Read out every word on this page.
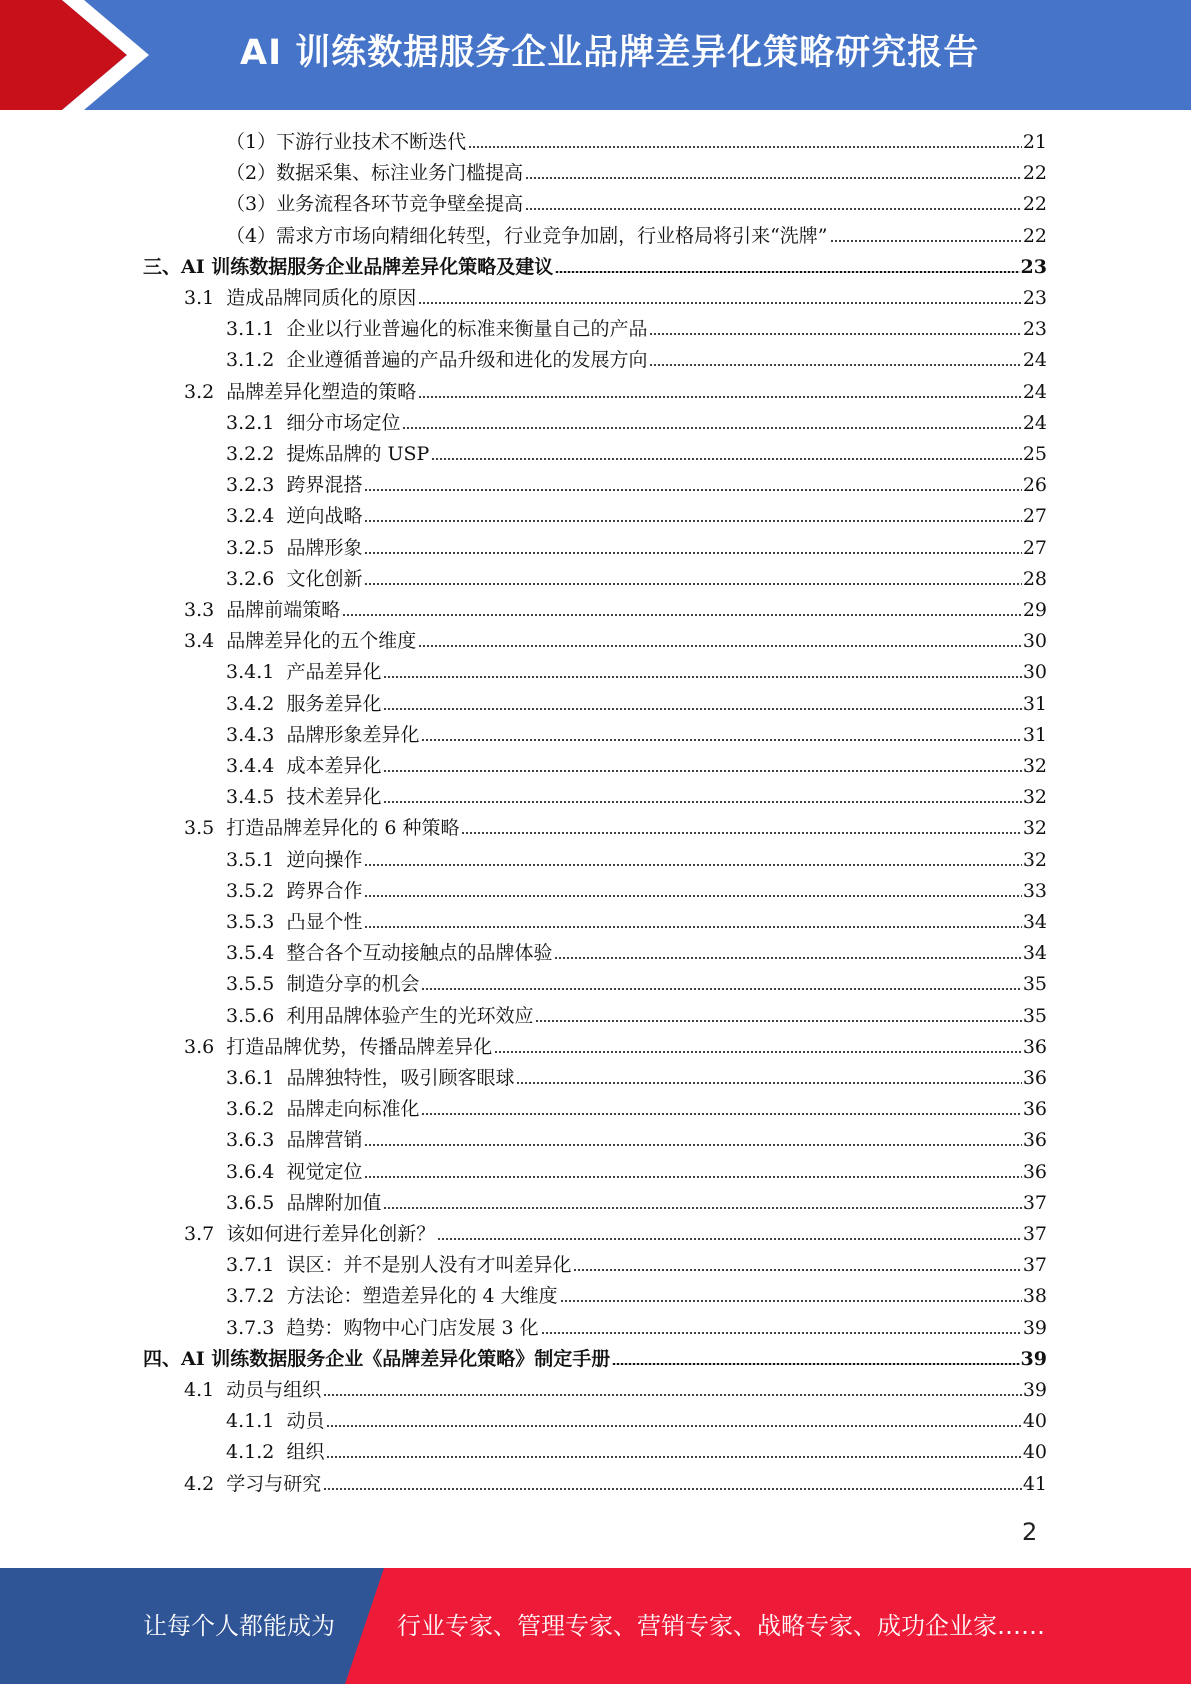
AI 训练数据服务企业品牌差异化策略研究报告
（1） 下游行业技术不断迭代	21
（2） 数据采集、标注业务门槛提高	22
（3） 业务流程各环节竞争壁垒提高	22
（4） 需求方市场向精细化转型，行业竞争加剧，行业格局将引来“洗牌”	22
三、 AI 训练数据服务企业品牌差异化策略及建议	23
3.1 造成品牌同质化的原因	23
3.1.1 企业以行业普遍化的标准来衡量自己的产品	23
3.1.2 企业遵循普遍的产品升级和进化的发展方向	24
3.2 品牌差异化塑造的策略	24
3.2.1 细分市场定位	24
3.2.2 提炼品牌的 USP	25
3.2.3 跨界混搭	26
3.2.4 逆向战略	27
3.2.5 品牌形象	27
3.2.6 文化创新	28
3.3 品牌前端策略	29
3.4 品牌差异化的五个维度	30
3.4.1 产品差异化	30
3.4.2 服务差异化	31
3.4.3 品牌形象差异化	31
3.4.4 成本差异化	32
3.4.5 技术差异化	32
3.5 打造品牌差异化的 6 种策略	32
3.5.1 逆向操作	32
3.5.2 跨界合作	33
3.5.3 凸显个性	34
3.5.4 整合各个互动接触点的品牌体验	34
3.5.5 制造分享的机会	35
3.5.6 利用品牌体验产生的光环效应	35
3.6 打造品牌优势，传播品牌差异化	36
3.6.1 品牌独特性，吸引顾客眼球	36
3.6.2 品牌走向标准化	36
3.6.3 品牌营销	36
3.6.4 视觉定位	36
3.6.5 品牌附加值	37
3.7 该如何进行差异化创新？	37
3.7.1 误区：并不是别人没有才叫差异化	37
3.7.2 方法论：塑造差异化的 4 大维度	38
3.7.3 趋势：购物中心门店发展 3 化	39
四、 AI 训练数据服务企业《品牌差异化策略》制定手册	39
4.1 动员与组织	39
4.1.1 动员	40
4.1.2 组织	40
4.2 学习与研究	41
2
让每个人都能成为	行业专家、管理专家、营销专家、战略专家、成功企业家……
